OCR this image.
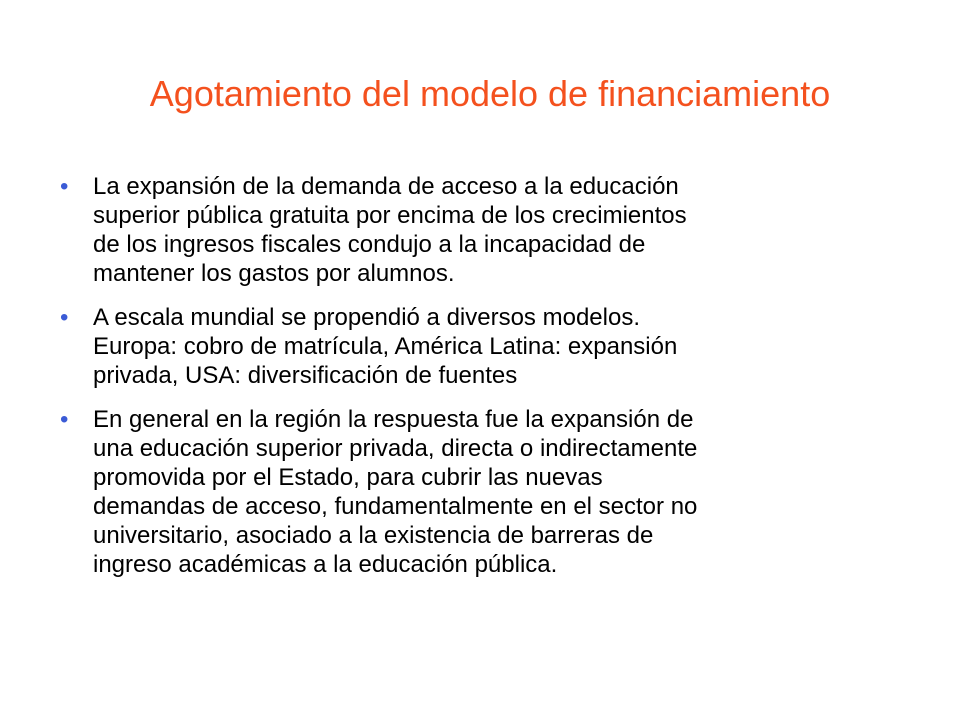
Agotamiento del modelo de financiamiento
• La expansión de la demanda de acceso a la educación
superior pública gratuita por encima de los crecimientos
de los ingresos fiscales condujo a la incapacidad de
mantener los gastos por alumnos.
• A escala mundial se propendió a diversos modelos.
Europa: cobro de matrícula, América Latina: expansión
privada, USA: diversificación de fuentes
• En general en la región la respuesta fue la expansión de
una educación superior privada, directa o indirectamente
promovida por el Estado, para cubrir las nuevas
demandas de acceso, fundamentalmente en el sector no
universitario, asociado a la existencia de barreras de
ingreso académicas a la educación pública.
